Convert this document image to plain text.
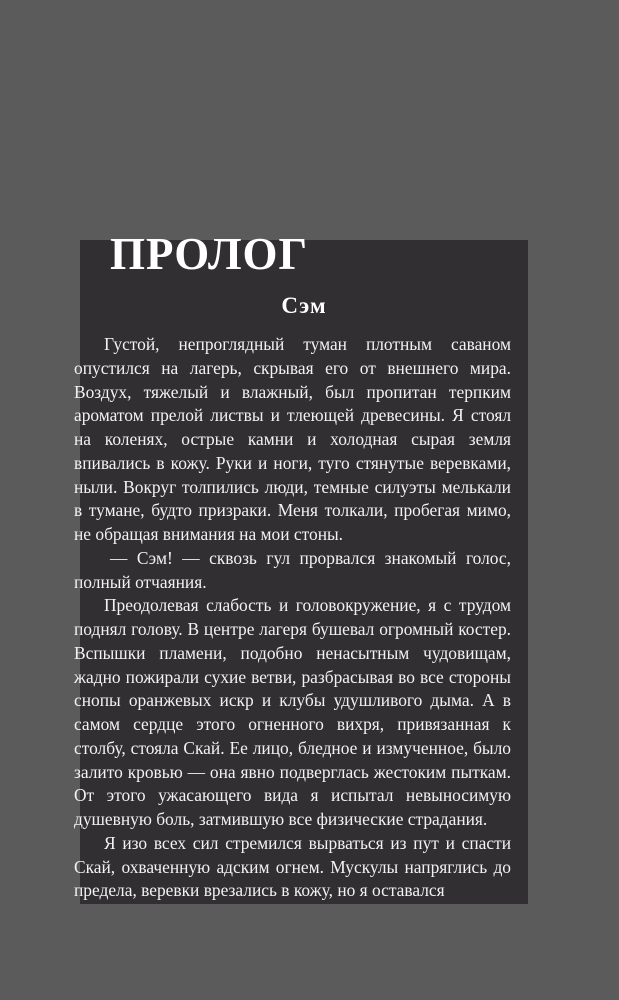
ПРОЛОГ
Сэм

Густой, непроглядный туман плотным саваном опустился на лагерь, скрывая его от внешнего мира. Воздух, тяжелый и влажный, был пропитан терпким ароматом прелой листвы и тлеющей древесины. Я стоял на коленях, острые камни и холодная сырая земля впивались в кожу. Руки и ноги, туго стянутые веревками, ныли. Вокруг толпились люди, темные силуэты мелькали в тумане, будто призраки. Меня толкали, пробегая мимо, не обращая внимания на мои стоны.

— Сэм! — сквозь гул прорвался знакомый голос, полный отчаяния.

Преодолевая слабость и головокружение, я с трудом поднял голову. В центре лагеря бушевал огромный костер. Вспышки пламени, подобно ненасытным чудовищам, жадно пожирали сухие ветви, разбрасывая во все стороны снопы оранжевых искр и клубы удушливого дыма. А в самом сердце этого огненного вихря, привязанная к столбу, стояла Скай. Ее лицо, бледное и измученное, было залито кровью — она явно подверглась жестоким пыткам. От этого ужасающего вида я испытал невыносимую душевную боль, затмившую все физические страдания.

Я изо всех сил стремился вырваться из пут и спасти Скай, охваченную адским огнем. Мускулы напряглись до предела, веревки врезались в кожу, но я оставался
